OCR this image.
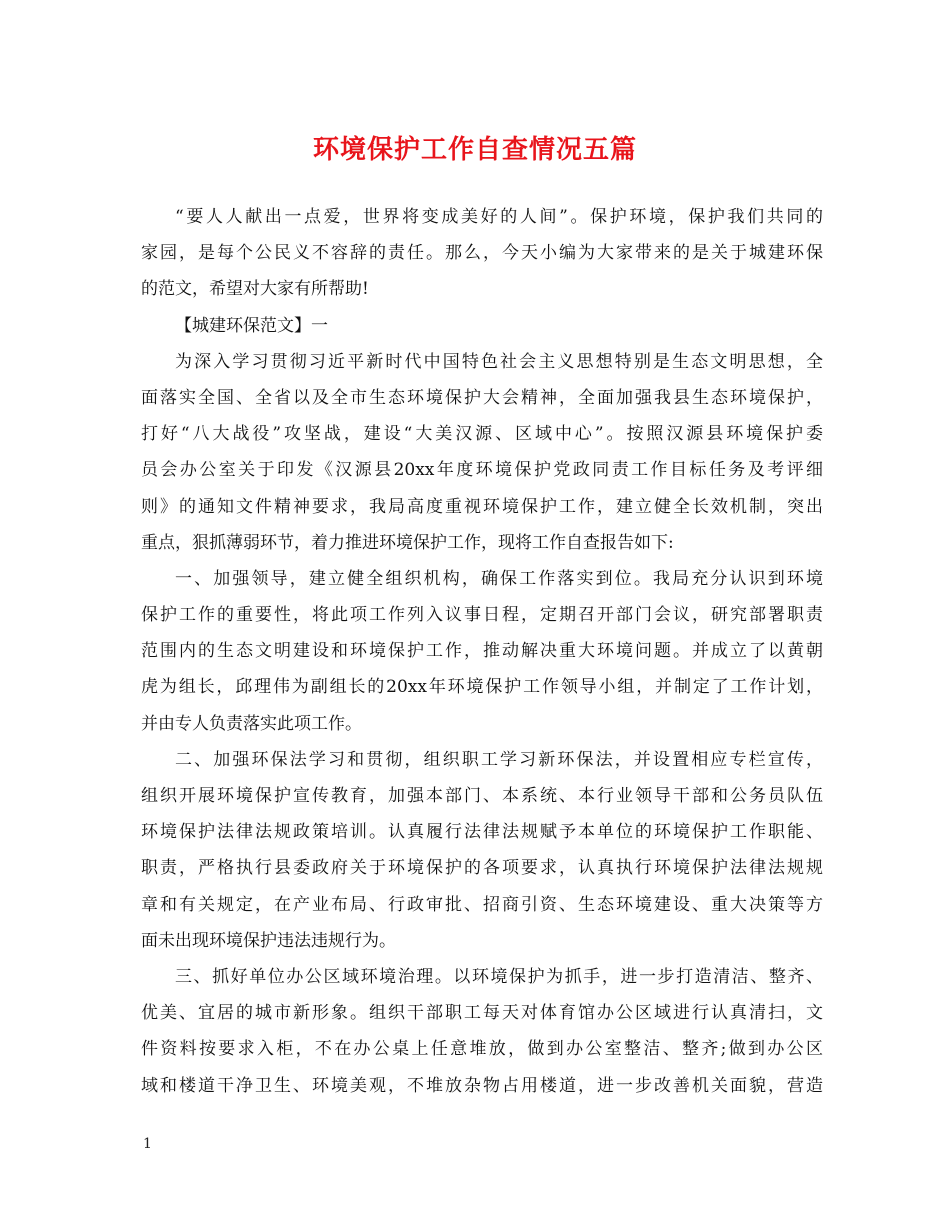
环境保护工作自查情况五篇
“要人人献出一点爱，世界将变成美好的人间”。保护环境，保护我们共同的
家园，是每个公民义不容辞的责任。那么，今天小编为大家带来的是关于城建环保
的范文，希望对大家有所帮助!
【城建环保范文】一
为深入学习贯彻习近平新时代中国特色社会主义思想特别是生态文明思想，全
面落实全国、全省以及全市生态环境保护大会精神，全面加强我县生态环境保护，
打好“八大战役”攻坚战，建设“大美汉源、区域中心”。按照汉源县环境保护委
员会办公室关于印发《汉源县20xx年度环境保护党政同责工作目标任务及考评细
则》的通知文件精神要求，我局高度重视环境保护工作，建立健全长效机制，突出
重点，狠抓薄弱环节，着力推进环境保护工作，现将工作自查报告如下:
一、加强领导，建立健全组织机构，确保工作落实到位。我局充分认识到环境
保护工作的重要性，将此项工作列入议事日程，定期召开部门会议，研究部署职责
范围内的生态文明建设和环境保护工作，推动解决重大环境问题。并成立了以黄朝
虎为组长，邱理伟为副组长的20xx年环境保护工作领导小组，并制定了工作计划，
并由专人负责落实此项工作。
二、加强环保法学习和贯彻，组织职工学习新环保法，并设置相应专栏宣传，
组织开展环境保护宣传教育，加强本部门、本系统、本行业领导干部和公务员队伍
环境保护法律法规政策培训。认真履行法律法规赋予本单位的环境保护工作职能、
职责，严格执行县委政府关于环境保护的各项要求，认真执行环境保护法律法规规
章和有关规定，在产业布局、行政审批、招商引资、生态环境建设、重大决策等方
面未出现环境保护违法违规行为。
三、抓好单位办公区域环境治理。以环境保护为抓手，进一步打造清洁、整齐、
优美、宜居的城市新形象。组织干部职工每天对体育馆办公区域进行认真清扫，文
件资料按要求入柜，不在办公桌上任意堆放，做到办公室整洁、整齐;做到办公区
域和楼道干净卫生、环境美观，不堆放杂物占用楼道，进一步改善机关面貌，营造
1
